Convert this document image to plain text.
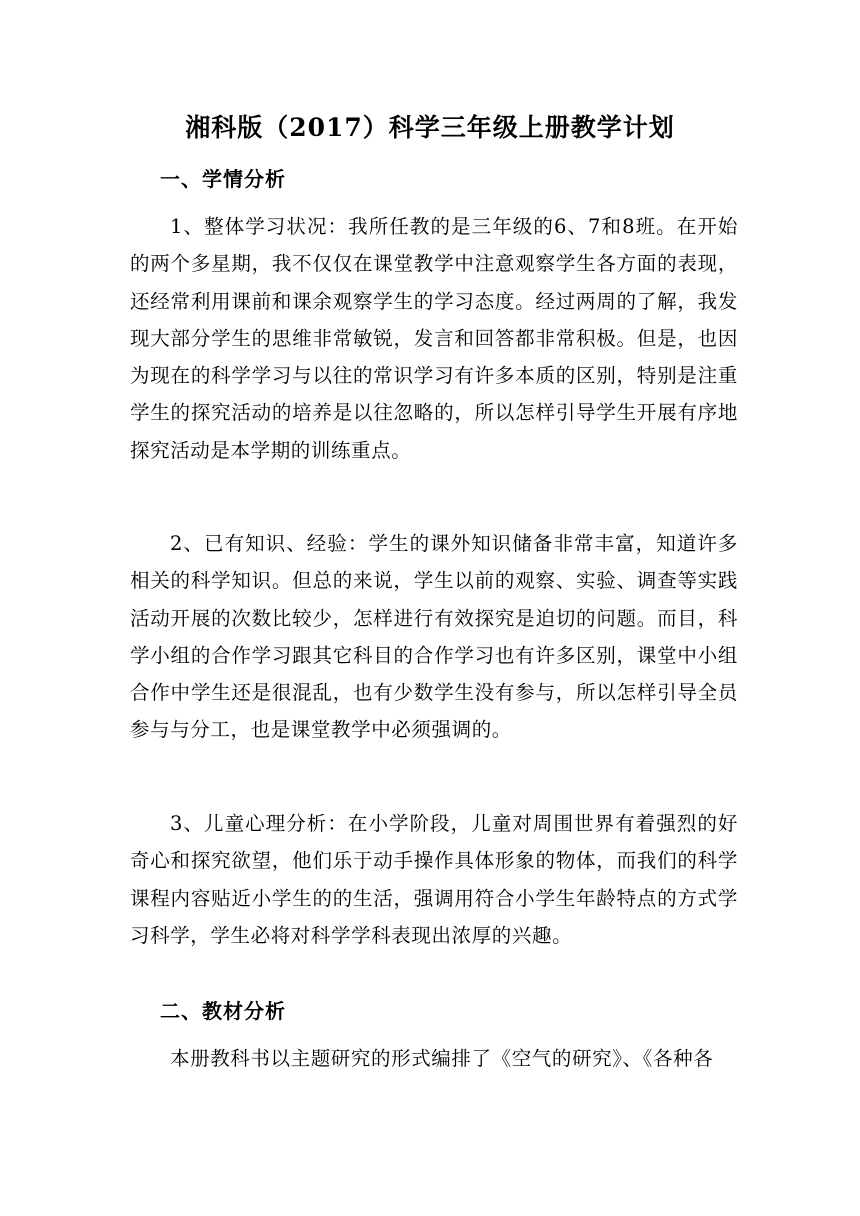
湘科版（2017）科学三年级上册教学计划
一、学情分析

1、整体学习状况：我所任教的是三年级的6、7和8班。在开始的两个多星期，我不仅仅在课堂教学中注意观察学生各方面的表现，还经常利用课前和课余观察学生的学习态度。经过两周的了解，我发现大部分学生的思维非常敏锐，发言和回答都非常积极。但是，也因为现在的科学学习与以往的常识学习有许多本质的区别，特别是注重学生的探究活动的培养是以往忽略的，所以怎样引导学生开展有序地探究活动是本学期的训练重点。

2、已有知识、经验：学生的课外知识储备非常丰富，知道许多相关的科学知识。但总的来说，学生以前的观察、实验、调查等实践活动开展的次数比较少，怎样进行有效探究是迫切的问题。而目，科学小组的合作学习跟其它科目的合作学习也有许多区别，课堂中小组合作中学生还是很混乱，也有少数学生没有参与，所以怎样引导全员参与与分工，也是课堂教学中必须强调的。

3、儿童心理分析：在小学阶段，儿童对周围世界有着强烈的好奇心和探究欲望，他们乐于动手操作具体形象的物体，而我们的科学课程内容贴近小学生的的生活，强调用符合小学生年龄特点的方式学习科学，学生必将对科学学科表现出浓厚的兴趣。

二、教材分析

本册教科书以主题研究的形式编排了《空气的研究》、《各种各
